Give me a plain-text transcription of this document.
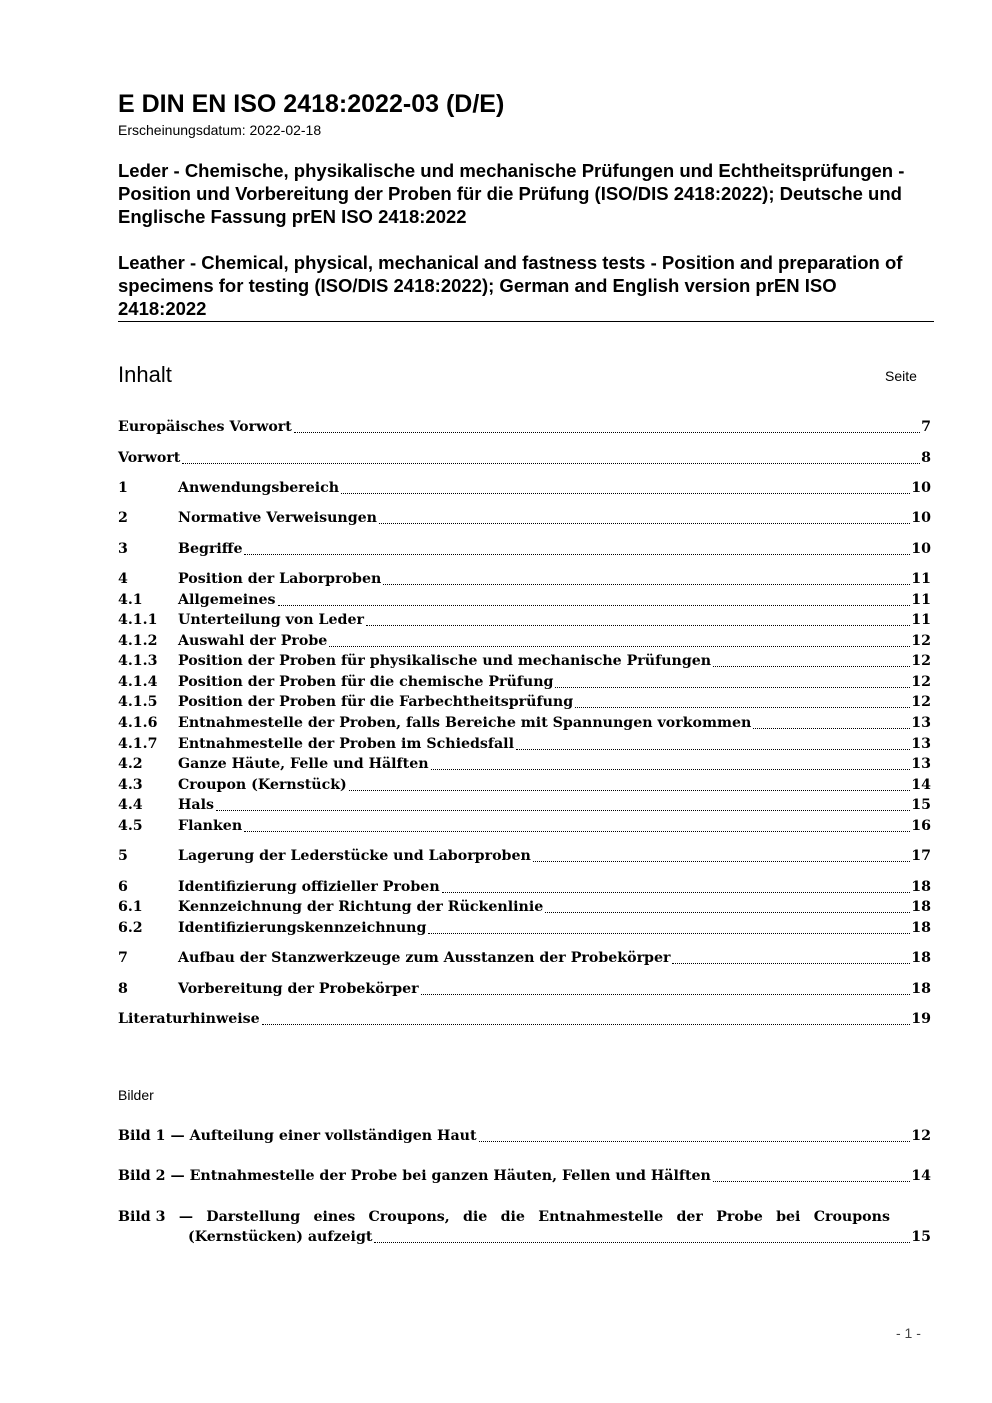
E DIN EN ISO 2418:2022-03 (D/E)
Erscheinungsdatum: 2022-02-18
Leder - Chemische, physikalische und mechanische Prüfungen und Echtheitsprüfungen - Position und Vorbereitung der Proben für die Prüfung (ISO/DIS 2418:2022); Deutsche und Englische Fassung prEN ISO 2418:2022
Leather - Chemical, physical, mechanical and fastness tests - Position and preparation of specimens for testing (ISO/DIS 2418:2022); German and English version prEN ISO 2418:2022
Inhalt	Seite
Europäisches Vorwort	7
Vorwort	8
1	Anwendungsbereich	10
2	Normative Verweisungen	10
3	Begriffe	10
4	Position der Laborproben	11
4.1	Allgemeines	11
4.1.1	Unterteilung von Leder	11
4.1.2	Auswahl der Probe	12
4.1.3	Position der Proben für physikalische und mechanische Prüfungen	12
4.1.4	Position der Proben für die chemische Prüfung	12
4.1.5	Position der Proben für die Farbechtheitsprüfung	12
4.1.6	Entnahmestelle der Proben, falls Bereiche mit Spannungen vorkommen	13
4.1.7	Entnahmestelle der Proben im Schiedsfall	13
4.2	Ganze Häute, Felle und Hälften	13
4.3	Croupon (Kernstück)	14
4.4	Hals	15
4.5	Flanken	16
5	Lagerung der Lederstücke und Laborproben	17
6	Identifizierung offizieller Proben	18
6.1	Kennzeichnung der Richtung der Rückenlinie	18
6.2	Identifizierungskennzeichnung	18
7	Aufbau der Stanzwerkzeuge zum Ausstanzen der Probekörper	18
8	Vorbereitung der Probekörper	18
Literaturhinweise	19
Bilder
Bild 1 — Aufteilung einer vollständigen Haut	12
Bild 2 — Entnahmestelle der Probe bei ganzen Häuten, Fellen und Hälften	14
Bild 3 — Darstellung eines Croupons, die die Entnahmestelle der Probe bei Croupons
(Kernstücken) aufzeigt	15
- 1 -
